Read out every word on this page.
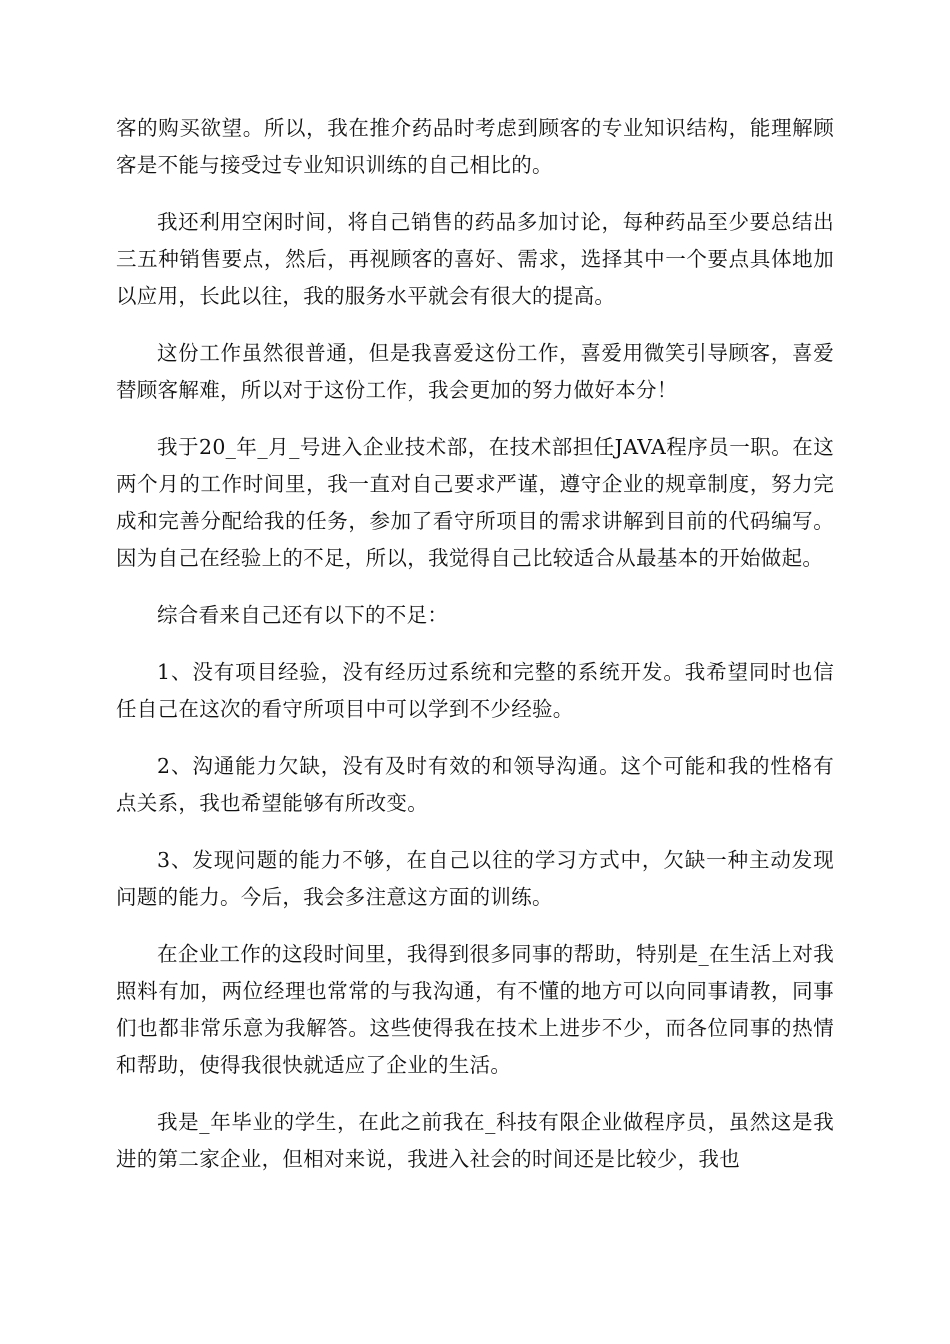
客的购买欲望。所以，我在推介药品时考虑到顾客的专业知识结构，能理解顾客是不能与接受过专业知识训练的自己相比的。

我还利用空闲时间，将自己销售的药品多加讨论，每种药品至少要总结出三五种销售要点，然后，再视顾客的喜好、需求，选择其中一个要点具体地加以应用，长此以往，我的服务水平就会有很大的提高。

这份工作虽然很普通，但是我喜爱这份工作，喜爱用微笑引导顾客，喜爱替顾客解难，所以对于这份工作，我会更加的努力做好本分！

我于20_年_月_号进入企业技术部，在技术部担任JAVA程序员一职。在这两个月的工作时间里，我一直对自己要求严谨，遵守企业的规章制度，努力完成和完善分配给我的任务，参加了看守所项目的需求讲解到目前的代码编写。因为自己在经验上的不足，所以，我觉得自己比较适合从最基本的开始做起。

综合看来自己还有以下的不足：

1、没有项目经验，没有经历过系统和完整的系统开发。我希望同时也信任自己在这次的看守所项目中可以学到不少经验。

2、沟通能力欠缺，没有及时有效的和领导沟通。这个可能和我的性格有点关系，我也希望能够有所改变。

3、发现问题的能力不够，在自己以往的学习方式中，欠缺一种主动发现问题的能力。今后，我会多注意这方面的训练。

在企业工作的这段时间里，我得到很多同事的帮助，特别是_在生活上对我照料有加，两位经理也常常的与我沟通，有不懂的地方可以向同事请教，同事们也都非常乐意为我解答。这些使得我在技术上进步不少，而各位同事的热情和帮助，使得我很快就适应了企业的生活。

我是_年毕业的学生，在此之前我在_科技有限企业做程序员，虽然这是我进的第二家企业，但相对来说，我进入社会的时间还是比较少，我也
